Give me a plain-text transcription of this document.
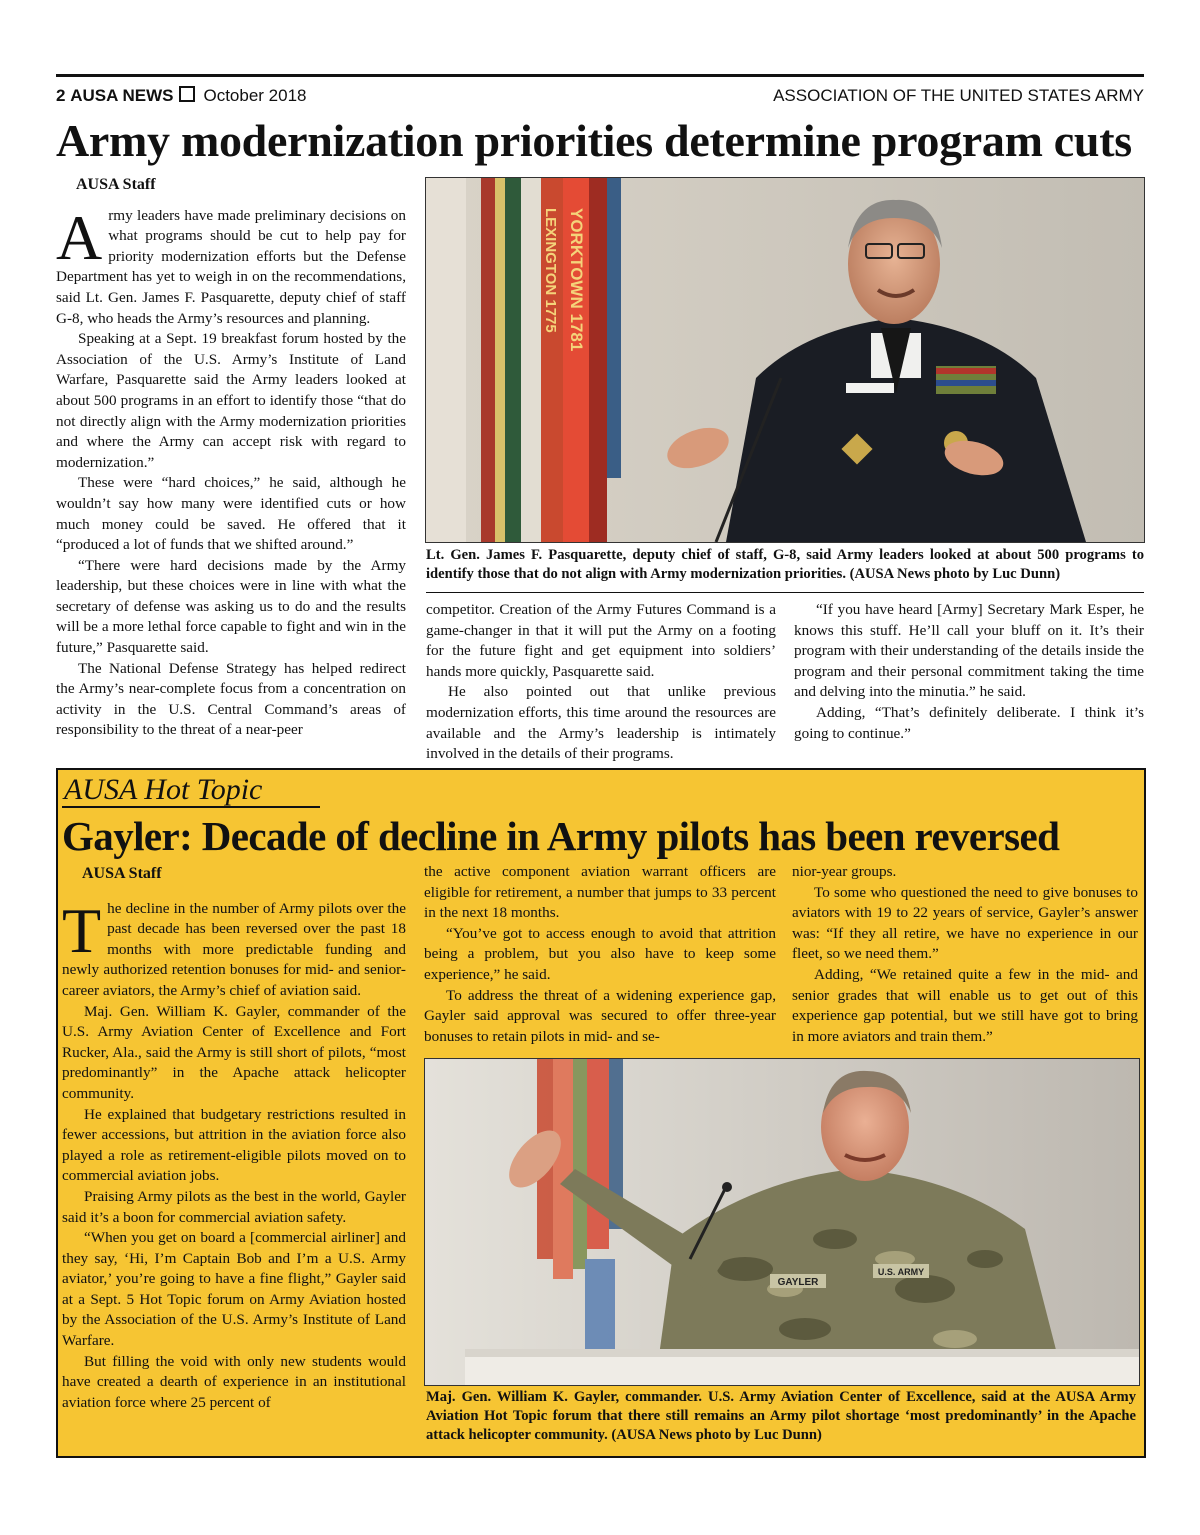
2 AUSA NEWS October 2018	ASSOCIATION OF THE UNITED STATES ARMY
Army modernization priorities determine program cuts
AUSA Staff

Army leaders have made preliminary decisions on what programs should be cut to help pay for priority modernization efforts but the Defense Department has yet to weigh in on the recommendations, said Lt. Gen. James F. Pasquarette, deputy chief of staff G-8, who heads the Army’s resources and planning.

Speaking at a Sept. 19 breakfast forum hosted by the Association of the U.S. Army’s Institute of Land Warfare, Pasquarette said the Army leaders looked at about 500 programs in an effort to identify those “that do not directly align with the Army modernization priorities and where the Army can accept risk with regard to modernization.”

These were “hard choices,” he said, although he wouldn’t say how many were identified cuts or how much money could be saved. He offered that it “produced a lot of funds that we shifted around.”

“There were hard decisions made by the Army leadership, but these choices were in line with what the secretary of defense was asking us to do and the results will be a more lethal force capable to fight and win in the future,” Pasquarette said.

The National Defense Strategy has helped redirect the Army’s near-complete focus from a concentration on activity in the U.S. Central Command’s areas of responsibility to the threat of a near-peer

YORKTOWN 1781
LEXINGTON 1775
Lt. Gen. James F. Pasquarette, deputy chief of staff, G-8, said Army leaders looked at about 500 programs to identify those that do not align with Army modernization priorities. (AUSA News photo by Luc Dunn)

competitor. Creation of the Army Futures Command is a game-changer in that it will put the Army on a footing for the future fight and get equipment into soldiers’ hands more quickly, Pasquarette said.

He also pointed out that unlike previous modernization efforts, this time around the resources are available and the Army’s leadership is intimately involved in the details of their programs.

“If you have heard [Army] Secretary Mark Esper, he knows this stuff. He’ll call your bluff on it. It’s their program with their understanding of the details inside the program and their personal commitment taking the time and delving into the minutia.” he said.

Adding, “That’s definitely deliberate. I think it’s going to continue.”

AUSA Hot Topic
Gayler: Decade of decline in Army pilots has been reversed
AUSA Staff

The decline in the number of Army pilots over the past decade has been reversed over the past 18 months with more predictable funding and newly authorized retention bonuses for mid- and senior-career aviators, the Army’s chief of aviation said.

Maj. Gen. William K. Gayler, commander of the U.S. Army Aviation Center of Excellence and Fort Rucker, Ala., said the Army is still short of pilots, “most predominantly” in the Apache attack helicopter community.

He explained that budgetary restrictions resulted in fewer accessions, but attrition in the aviation force also played a role as retirement-eligible pilots moved on to commercial aviation jobs.

Praising Army pilots as the best in the world, Gayler said it’s a boon for commercial aviation safety.

“When you get on board a [commercial airliner] and they say, ‘Hi, I’m Captain Bob and I’m a U.S. Army aviator,’ you’re going to have a fine flight,” Gayler said at a Sept. 5 Hot Topic forum on Army Aviation hosted by the Association of the U.S. Army’s Institute of Land Warfare.

But filling the void with only new students would have created a dearth of experience in an institutional aviation force where 25 percent of

the active component aviation warrant officers are eligible for retirement, a number that jumps to 33 percent in the next 18 months.

“You’ve got to access enough to avoid that attrition being a problem, but you also have to keep some experience,” he said.

To address the threat of a widening experience gap, Gayler said approval was secured to offer three-year bonuses to retain pilots in mid- and se-

nior-year groups.

To some who questioned the need to give bonuses to aviators with 19 to 22 years of service, Gayler’s answer was: “If they all retire, we have no experience in our fleet, so we need them.”

Adding, “We retained quite a few in the mid- and senior grades that will enable us to get out of this experience gap potential, but we still have got to bring in more aviators and train them.”

GAYLER
U.S. ARMY
Maj. Gen. William K. Gayler, commander. U.S. Army Aviation Center of Excellence, said at the AUSA Army Aviation Hot Topic forum that there still remains an Army pilot shortage ‘most predominantly’ in the Apache attack helicopter community. (AUSA News photo by Luc Dunn)
